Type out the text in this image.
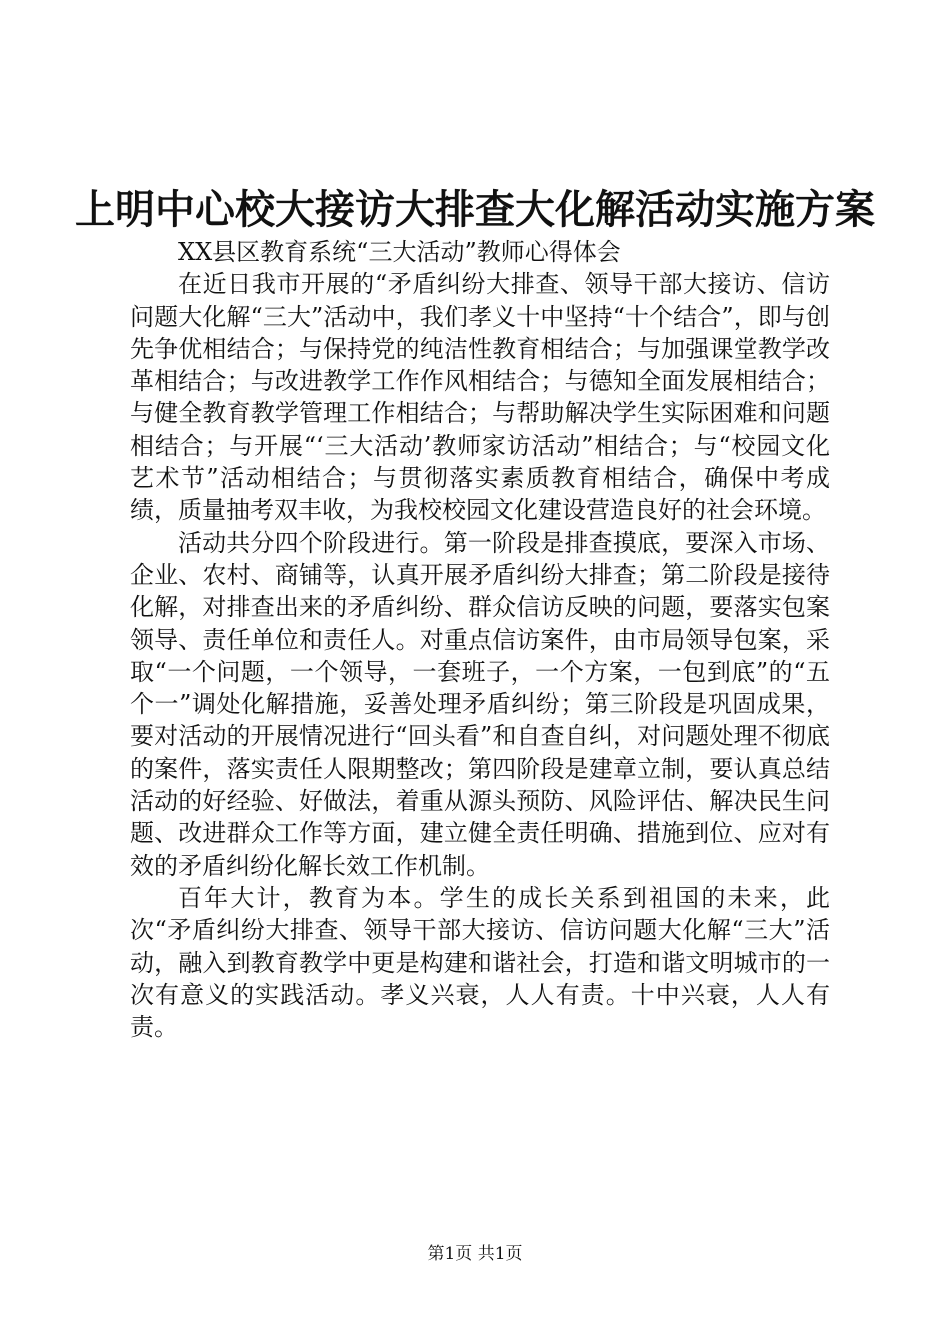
上明中心校大接访大排查大化解活动实施方案

XX县区教育系统“三大活动”教师心得体会

在近日我市开展的“矛盾纠纷大排查、领导干部大接访、信访问题大化解“三大”活动中，我们孝义十中坚持“十个结合”，即与创先争优相结合；与保持党的纯洁性教育相结合；与加强课堂教学改革相结合；与改进教学工作作风相结合；与德知全面发展相结合；与健全教育教学管理工作相结合；与帮助解决学生实际困难和问题相结合；与开展“‘三大活动’教师家访活动”相结合；与“校园文化艺术节”活动相结合；与贯彻落实素质教育相结合，确保中考成绩，质量抽考双丰收，为我校校园文化建设营造良好的社会环境。

活动共分四个阶段进行。第一阶段是排查摸底，要深入市场、企业、农村、商铺等，认真开展矛盾纠纷大排查；第二阶段是接待化解，对排查出来的矛盾纠纷、群众信访反映的问题，要落实包案领导、责任单位和责任人。对重点信访案件，由市局领导包案，采取“一个问题，一个领导，一套班子，一个方案，一包到底”的“五个一”调处化解措施，妥善处理矛盾纠纷；第三阶段是巩固成果，要对活动的开展情况进行“回头看”和自查自纠，对问题处理不彻底的案件，落实责任人限期整改；第四阶段是建章立制，要认真总结活动的好经验、好做法，着重从源头预防、风险评估、解决民生问题、改进群众工作等方面，建立健全责任明确、措施到位、应对有效的矛盾纠纷化解长效工作机制。

百年大计，教育为本。学生的成长关系到祖国的未来，此次“矛盾纠纷大排查、领导干部大接访、信访问题大化解“三大”活动，融入到教育教学中更是构建和谐社会，打造和谐文明城市的一次有意义的实践活动。孝义兴衰，人人有责。十中兴衰，人人有责。

第1页 共1页
